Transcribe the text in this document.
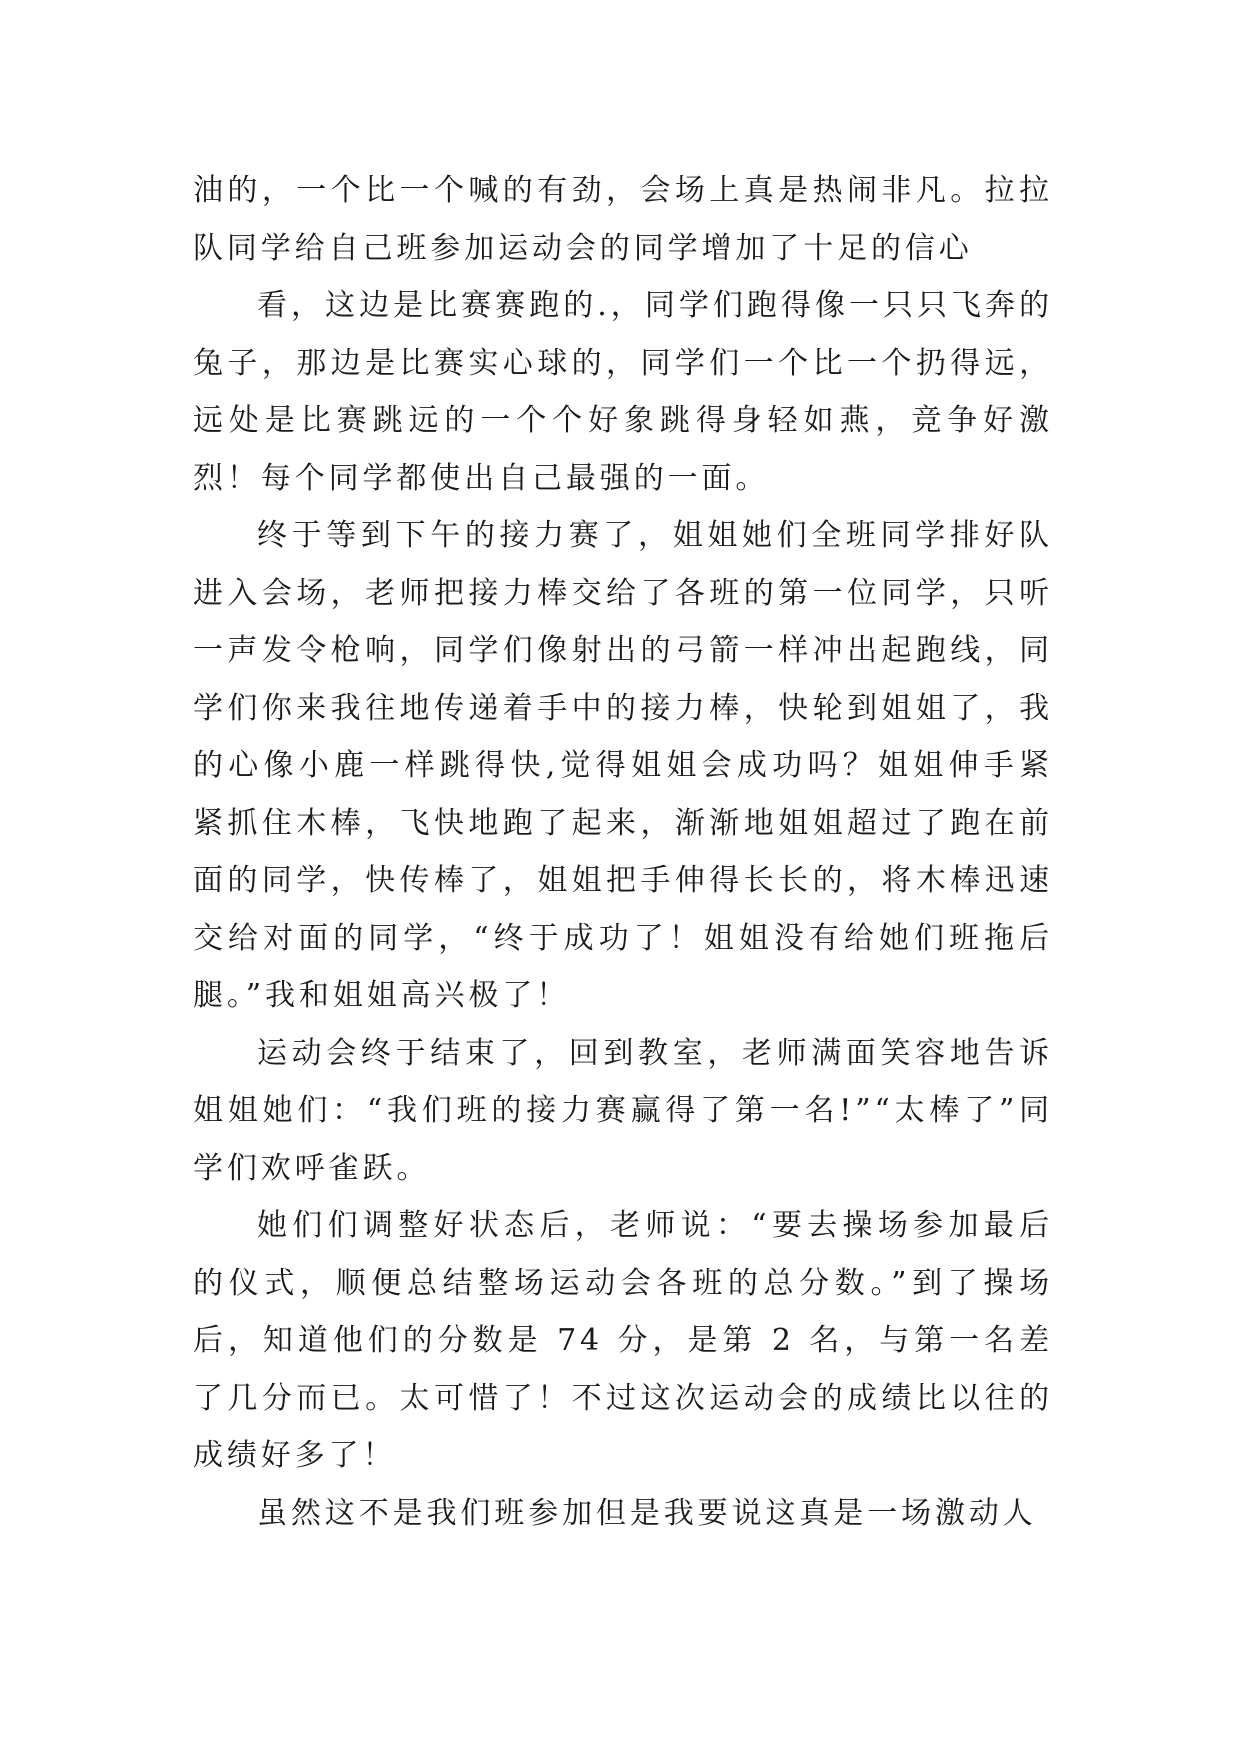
油的，一个比一个喊的有劲，会场上真是热闹非凡。拉拉队同学给自己班参加运动会的同学增加了十足的信心

看，这边是比赛赛跑的.，同学们跑得像一只只飞奔的兔子，那边是比赛实心球的，同学们一个比一个扔得远，远处是比赛跳远的一个个好象跳得身轻如燕，竞争好激烈！每个同学都使出自己最强的一面。

终于等到下午的接力赛了，姐姐她们全班同学排好队进入会场，老师把接力棒交给了各班的第一位同学，只听一声发令枪响，同学们像射出的弓箭一样冲出起跑线，同学们你来我往地传递着手中的接力棒，快轮到姐姐了，我的心像小鹿一样跳得快,觉得姐姐会成功吗？姐姐伸手紧紧抓住木棒，飞快地跑了起来，渐渐地姐姐超过了跑在前面的同学，快传棒了，姐姐把手伸得长长的，将木棒迅速交给对面的同学，“终于成功了！姐姐没有给她们班拖后腿。”我和姐姐高兴极了！

运动会终于结束了，回到教室，老师满面笑容地告诉姐姐她们：“我们班的接力赛赢得了第一名!”“太棒了”同学们欢呼雀跃。

她们们调整好状态后，老师说：“要去操场参加最后的仪式，顺便总结整场运动会各班的总分数。”到了操场后，知道他们的分数是 74 分，是第 2 名，与第一名差了几分而已。太可惜了！不过这次运动会的成绩比以往的成绩好多了！

虽然这不是我们班参加但是我要说这真是一场激动人
